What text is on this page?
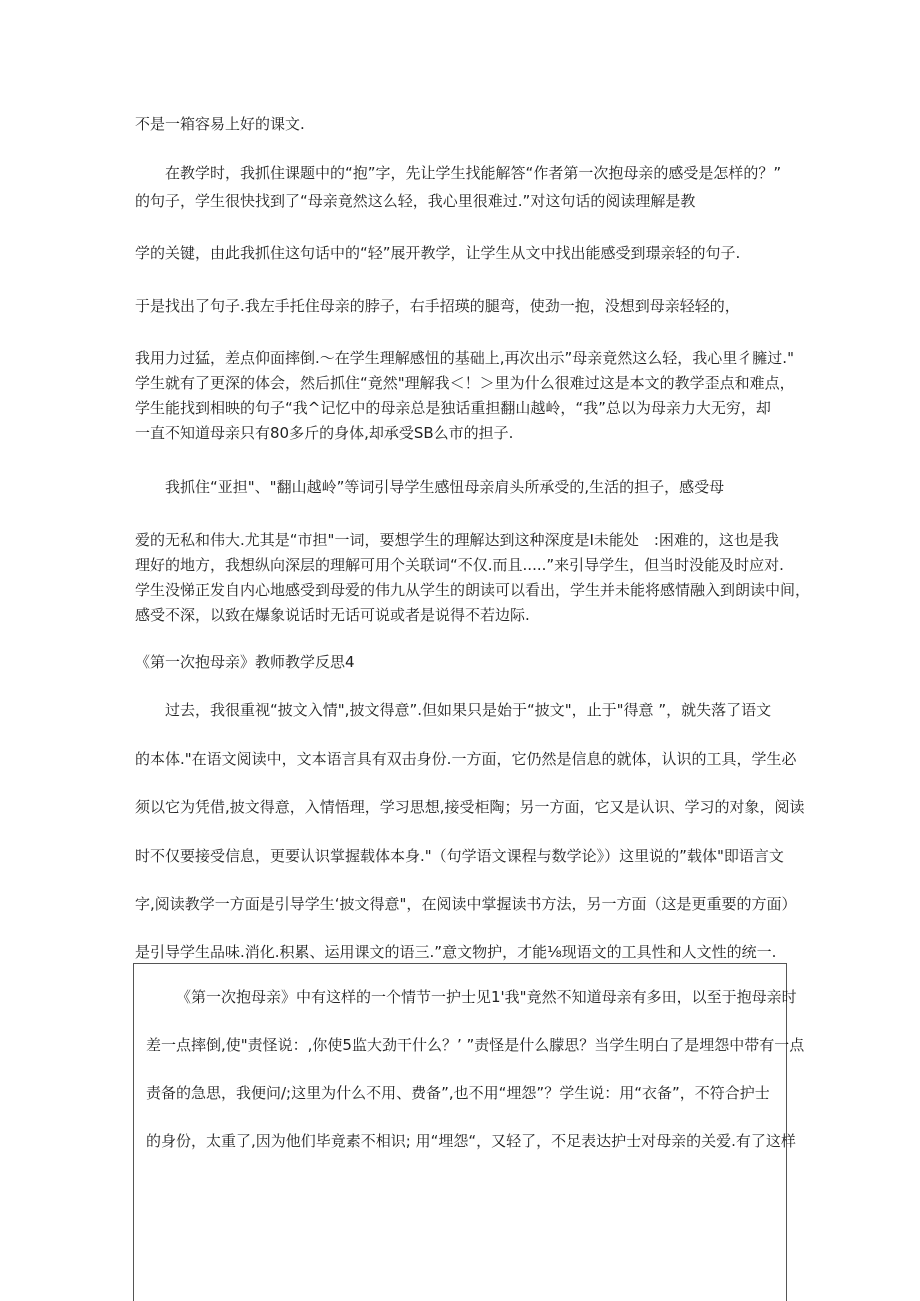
不是一箱容易上好的课文.
在教学时，我抓住课题中的“抱”字，先让学生找能解答“作者第一次抱母亲的感受是怎样的？”
的句子，学生很快找到了“母亲竟然这么轻，我心里很难过.”对这句话的阅读理解是教
学的关键，由此我抓住这句话中的“轻”展开教学，让学生从文中找出能感受到璟亲轻的句子.
于是找出了句子.我左手托住母亲的脖子，右手招瑛的腿弯，使劲一抱，没想到母亲轻轻的，
我用力过猛，差点仰面摔倒.〜在学生理解感忸的基础上,再次出示”母亲竟然这么轻，我心里彳臃过."
学生就有了更深的体会，然后抓住“竟然"理解我＜！＞里为什么很难过这是本文的教学歪点和难点，
学生能找到相映的句子“我^记忆中的母亲总是独话重担翻山越岭，“我”总以为母亲力大无穷，却
一直不知道母亲只有80多斤的身体,却承受SB么市的担子.
我抓住“亚担"、"翻山越岭”等词引导学生感忸母亲肩头所承受的,生活的担子，感受母
爱的无私和伟大.尤其是“市担"一词，要想学生的理解达到这种深度是I未能处　:困难的，这也是我
理好的地方，我想纵向深层的理解可用个关联词“不仅.而且.....”来引导学生，但当时没能及时应对.
学生没悌正发自内心地感受到母爱的伟九从学生的朗读可以看出，学生并未能将感情融入到朗读中间，
感受不深，以致在爆象说话时无话可说或者是说得不若边际.
《第一次抱母亲》教师教学反思4
过去，我很重视“披文入情",披文得意”.但如果只是始于“披文"，止于"得意 ”，就失落了语文
的本体."在语文阅读中，文本语言具有双击身份.一方面，它仍然是信息的就体，认识的工具，学生必
须以它为凭借,披文得意，入情悟理，学习思想,接受柜陶；另一方面，它又是认识、学习的对象，阅读
时不仅要接受信息，更要认识掌握载体本身."（句学语文课程与数学论》）这里说的”载体"即语言文
字,阅读教学一方面是引导学生‘披文得意"，在阅读中掌握读书方法，另一方面（这是更重要的方面）
是引导学生品味.消化.积累、运用课文的语三.”意文物护，才能⅛现语文的工具性和人文性的统一.
《第一次抱母亲》中有这样的一个情节一护士见1'我"竟然不知道母亲有多田，以至于抱母亲时
差一点摔倒,使"责怪说：,你使5监大劲干什么？’ ”责怪是什么朦思？当学生明白了是埋怨中带有一点
责备的急思，我便问/;这里为什么不用、费备”,也不用“埋怨”？学生说：用“衣备”，不符合护士
的身份，太重了,因为他们毕竟素不相识; 用“埋怨“，又轻了，不足表达护士对母亲的关爱.有了这样
